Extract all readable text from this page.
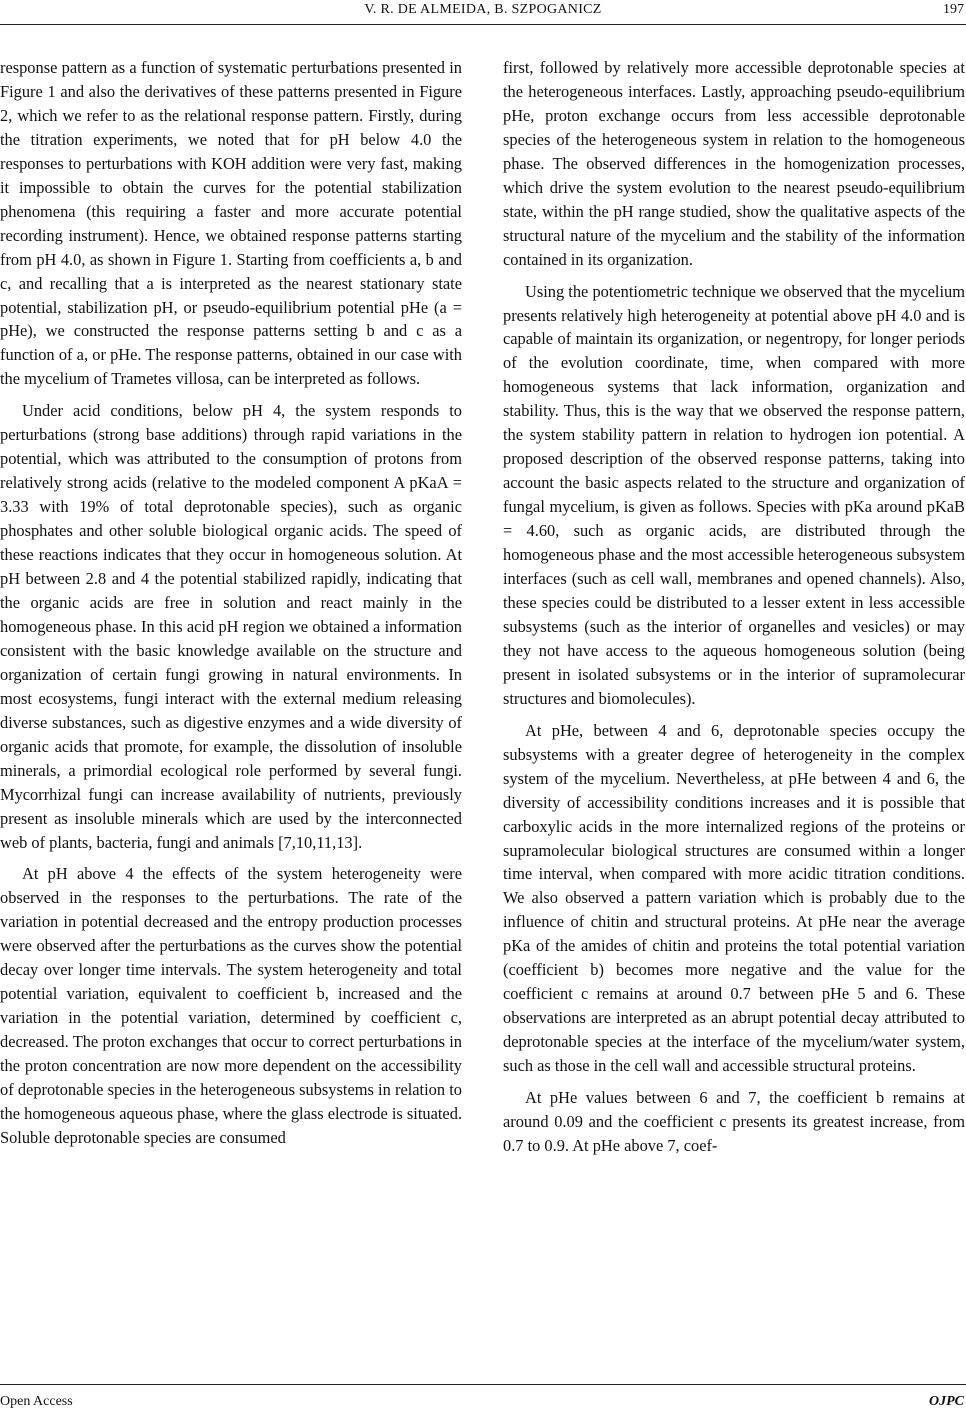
V. R. DE ALMEIDA, B. SZPOGANICZ	197

response pattern as a function of systematic perturbations presented in Figure 1 and also the derivatives of these patterns presented in Figure 2, which we refer to as the relational response pattern. Firstly, during the titration experiments, we noted that for pH below 4.0 the responses to perturbations with KOH addition were very fast, making it impossible to obtain the curves for the potential stabilization phenomena (this requiring a faster and more accurate potential recording instrument). Hence, we obtained response patterns starting from pH 4.0, as shown in Figure 1. Starting from coefficients a, b and c, and recalling that a is interpreted as the nearest stationary state potential, stabilization pH, or pseudo-equilibrium potential pHe (a = pHe), we constructed the response patterns setting b and c as a function of a, or pHe. The response patterns, obtained in our case with the mycelium of Trametes villosa, can be interpreted as follows.

Under acid conditions, below pH 4, the system responds to perturbations (strong base additions) through rapid variations in the potential, which was attributed to the consumption of protons from relatively strong acids (relative to the modeled component A pKaA = 3.33 with 19% of total deprotonable species), such as organic phosphates and other soluble biological organic acids. The speed of these reactions indicates that they occur in homogeneous solution. At pH between 2.8 and 4 the potential stabilized rapidly, indicating that the organic acids are free in solution and react mainly in the homogeneous phase. In this acid pH region we obtained a information consistent with the basic knowledge available on the structure and organization of certain fungi growing in natural environments. In most ecosystems, fungi interact with the external medium releasing diverse substances, such as digestive enzymes and a wide diversity of organic acids that promote, for example, the dissolution of insoluble minerals, a primordial ecological role performed by several fungi. Mycorrhizal fungi can increase availability of nutrients, previously present as insoluble minerals which are used by the interconnected web of plants, bacteria, fungi and animals [7,10,11,13].

At pH above 4 the effects of the system heterogeneity were observed in the responses to the perturbations. The rate of the variation in potential decreased and the entropy production processes were observed after the perturbations as the curves show the potential decay over longer time intervals. The system heterogeneity and total potential variation, equivalent to coefficient b, increased and the variation in the potential variation, determined by coefficient c, decreased. The proton exchanges that occur to correct perturbations in the proton concentration are now more dependent on the accessibility of deprotonable species in the heterogeneous subsystems in relation to the homogeneous aqueous phase, where the glass electrode is situated. Soluble deprotonable species are consumed

first, followed by relatively more accessible deprotonable species at the heterogeneous interfaces. Lastly, approaching pseudo-equilibrium pHe, proton exchange occurs from less accessible deprotonable species of the heterogeneous system in relation to the homogeneous phase. The observed differences in the homogenization processes, which drive the system evolution to the nearest pseudo-equilibrium state, within the pH range studied, show the qualitative aspects of the structural nature of the mycelium and the stability of the information contained in its organization.

Using the potentiometric technique we observed that the mycelium presents relatively high heterogeneity at potential above pH 4.0 and is capable of maintain its organization, or negentropy, for longer periods of the evolution coordinate, time, when compared with more homogeneous systems that lack information, organization and stability. Thus, this is the way that we observed the response pattern, the system stability pattern in relation to hydrogen ion potential. A proposed description of the observed response patterns, taking into account the basic aspects related to the structure and organization of fungal mycelium, is given as follows. Species with pKa around pKaB = 4.60, such as organic acids, are distributed through the homogeneous phase and the most accessible heterogeneous subsystem interfaces (such as cell wall, membranes and opened channels). Also, these species could be distributed to a lesser extent in less accessible subsystems (such as the interior of organelles and vesicles) or may they not have access to the aqueous homogeneous solution (being present in isolated subsystems or in the interior of supramolecurar structures and biomolecules).

At pHe, between 4 and 6, deprotonable species occupy the subsystems with a greater degree of heterogeneity in the complex system of the mycelium. Nevertheless, at pHe between 4 and 6, the diversity of accessibility conditions increases and it is possible that carboxylic acids in the more internalized regions of the proteins or supramolecular biological structures are consumed within a longer time interval, when compared with more acidic titration conditions. We also observed a pattern variation which is probably due to the influence of chitin and structural proteins. At pHe near the average pKa of the amides of chitin and proteins the total potential variation (coefficient b) becomes more negative and the value for the coefficient c remains at around 0.7 between pHe 5 and 6. These observations are interpreted as an abrupt potential decay attributed to deprotonable species at the interface of the mycelium/water system, such as those in the cell wall and accessible structural proteins.

At pHe values between 6 and 7, the coefficient b remains at around 0.09 and the coefficient c presents its greatest increase, from 0.7 to 0.9. At pHe above 7, coef-

Open Access	OJPC
